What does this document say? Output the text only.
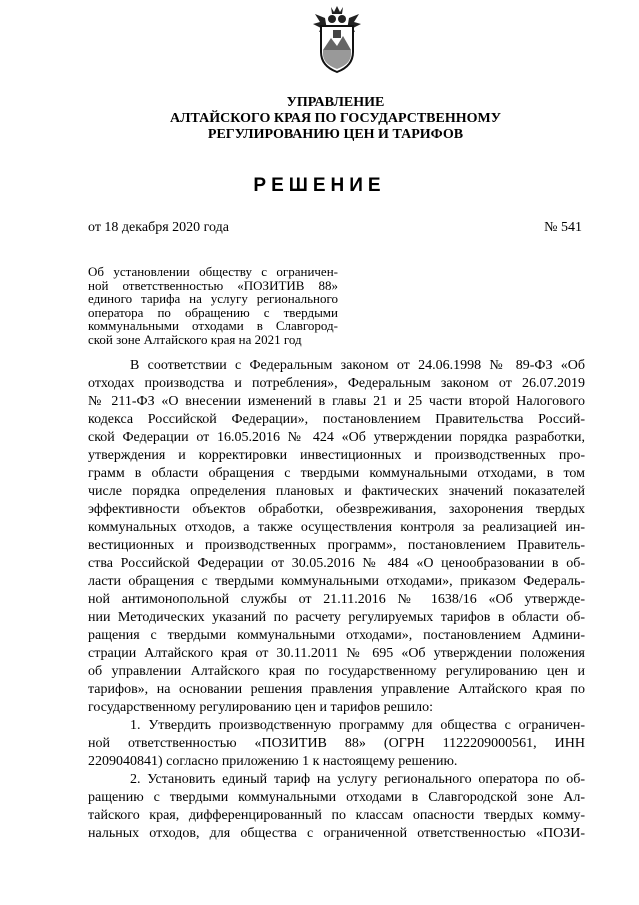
УПРАВЛЕНИЕ
АЛТАЙСКОГО КРАЯ ПО ГОСУДАРСТВЕННОМУ
РЕГУЛИРОВАНИЮ ЦЕН И ТАРИФОВ
РЕШЕНИЕ
от 18 декабря 2020 года	№ 541
Об установлении обществу с ограничен-
ной ответственностью «ПОЗИТИВ 88»
единого тарифа на услугу регионального
оператора по обращению с твердыми
коммунальными отходами в Славгород-
ской зоне Алтайского края на 2021 год
В соответствии с Федеральным законом от 24.06.1998 № 89-ФЗ «Об
отходах производства и потребления», Федеральным законом от 26.07.2019
№ 211-ФЗ «О внесении изменений в главы 21 и 25 части второй Налогового
кодекса Российской Федерации», постановлением Правительства Россий-
ской Федерации от 16.05.2016 № 424 «Об утверждении порядка разработки,
утверждения и корректировки инвестиционных и производственных про-
грамм в области обращения с твердыми коммунальными отходами, в том
числе порядка определения плановых и фактических значений показателей
эффективности объектов обработки, обезвреживания, захоронения твердых
коммунальных отходов, а также осуществления контроля за реализацией ин-
вестиционных и производственных программ», постановлением Правитель-
ства Российской Федерации от 30.05.2016 № 484 «О ценообразовании в об-
ласти обращения с твердыми коммунальными отходами», приказом Федераль-
ной антимонопольной службы от 21.11.2016 № 1638/16 «Об утвержде-
нии Методических указаний по расчету регулируемых тарифов в области об-
ращения с твердыми коммунальными отходами», постановлением Админи-
страции Алтайского края от 30.11.2011 № 695 «Об утверждении положения
об управлении Алтайского края по государственному регулированию цен и
тарифов», на основании решения правления управление Алтайского края по
государственному регулированию цен и тарифов решило:
1. Утвердить производственную программу для общества с ограничен-
ной ответственностью «ПОЗИТИВ 88» (ОГРН 1122209000561, ИНН
2209040841) согласно приложению 1 к настоящему решению.
2. Установить единый тариф на услугу регионального оператора по об-
ращению с твердыми коммунальными отходами в Славгородской зоне Ал-
тайского края, дифференцированный по классам опасности твердых комму-
нальных отходов, для общества с ограниченной ответственностью «ПОЗИ-
